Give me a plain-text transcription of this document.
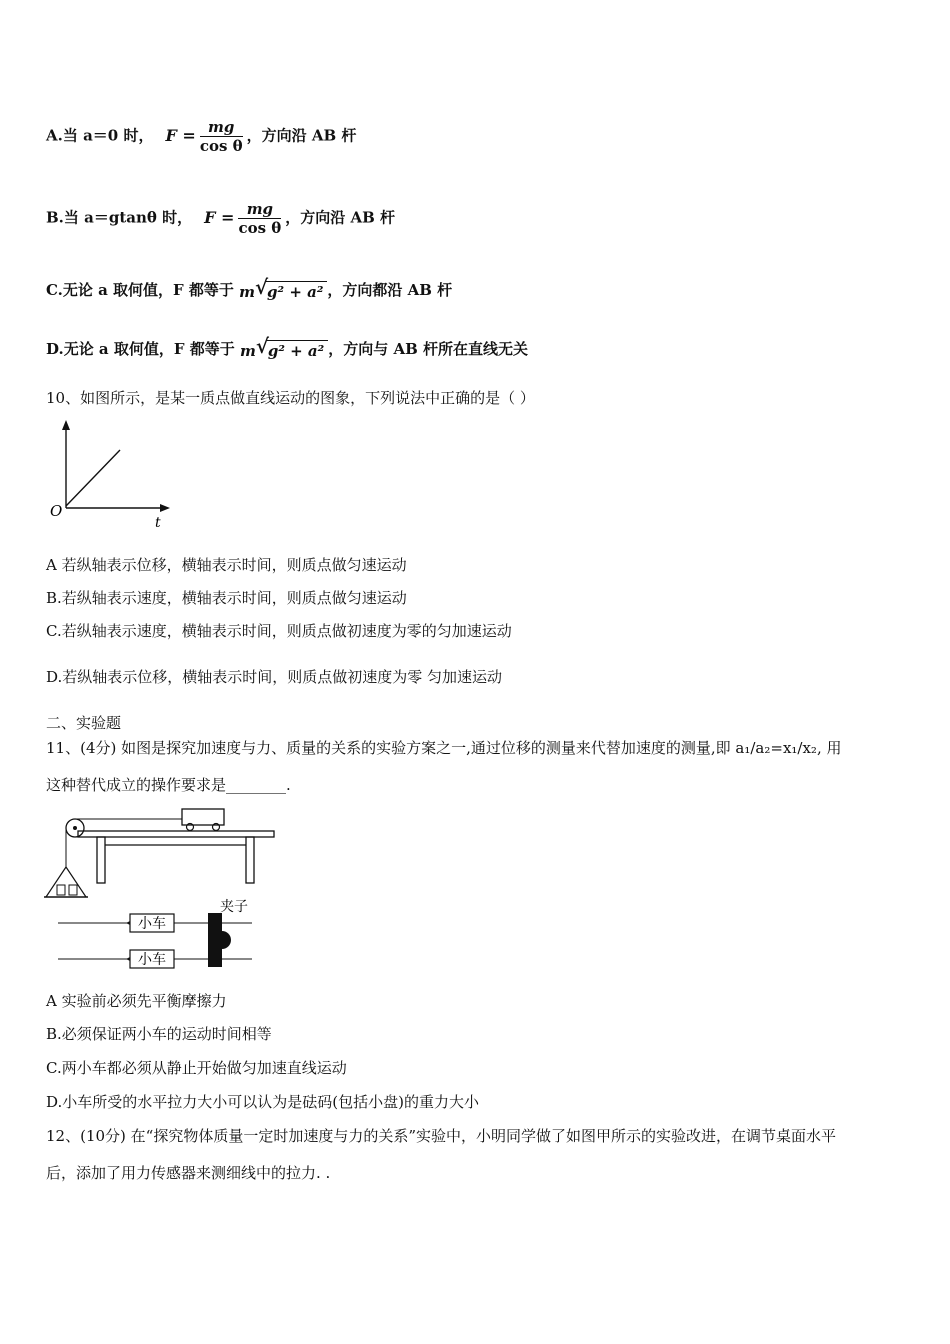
A.当 a＝0 时， $F = \frac{mg}{\text{cos θ}}$ ，方向沿 AB 杆
B.当 a＝gtanθ 时， $F = \frac{mg}{\text{cos θ}}$ ，方向沿 AB 杆
C.无论 a 取何值，F 都等于 m √
g² + a² ，方向都沿 AB 杆
D.无论 a 取何值，F 都等于 m √
g² + a² ，方向与 AB 杆所在直线无关
10、如图所示，是某一质点做直线运动的图象，下列说法中正确的是（ ）
O
t
A 若纵轴表示位移，横轴表示时间，则质点做匀速运动
B.若纵轴表示速度，横轴表示时间，则质点做匀速运动
C.若纵轴表示速度，横轴表示时间，则质点做初速度为零的匀加速运动
D.若纵轴表示位移，横轴表示时间，则质点做初速度为零 匀加速运动
二、实验题
11、(4分) 如图是探究加速度与力、质量的关系的实验方案之一,通过位移的测量来代替加速度的测量,即 a₁/a₂=x₁/x₂, 用
这种替代成立的操作要求是________.
小车
小车
夹子
A 实验前必须先平衡摩擦力
B.必须保证两小车的运动时间相等
C.两小车都必须从静止开始做匀加速直线运动
D.小车所受的水平拉力大小可以认为是砝码(包括小盘)的重力大小
12、(10分) 在“探究物体质量一定时加速度与力的关系”实验中，小明同学做了如图甲所示的实验改进，在调节桌面水平
后，添加了用力传感器来测细线中的拉力. .
